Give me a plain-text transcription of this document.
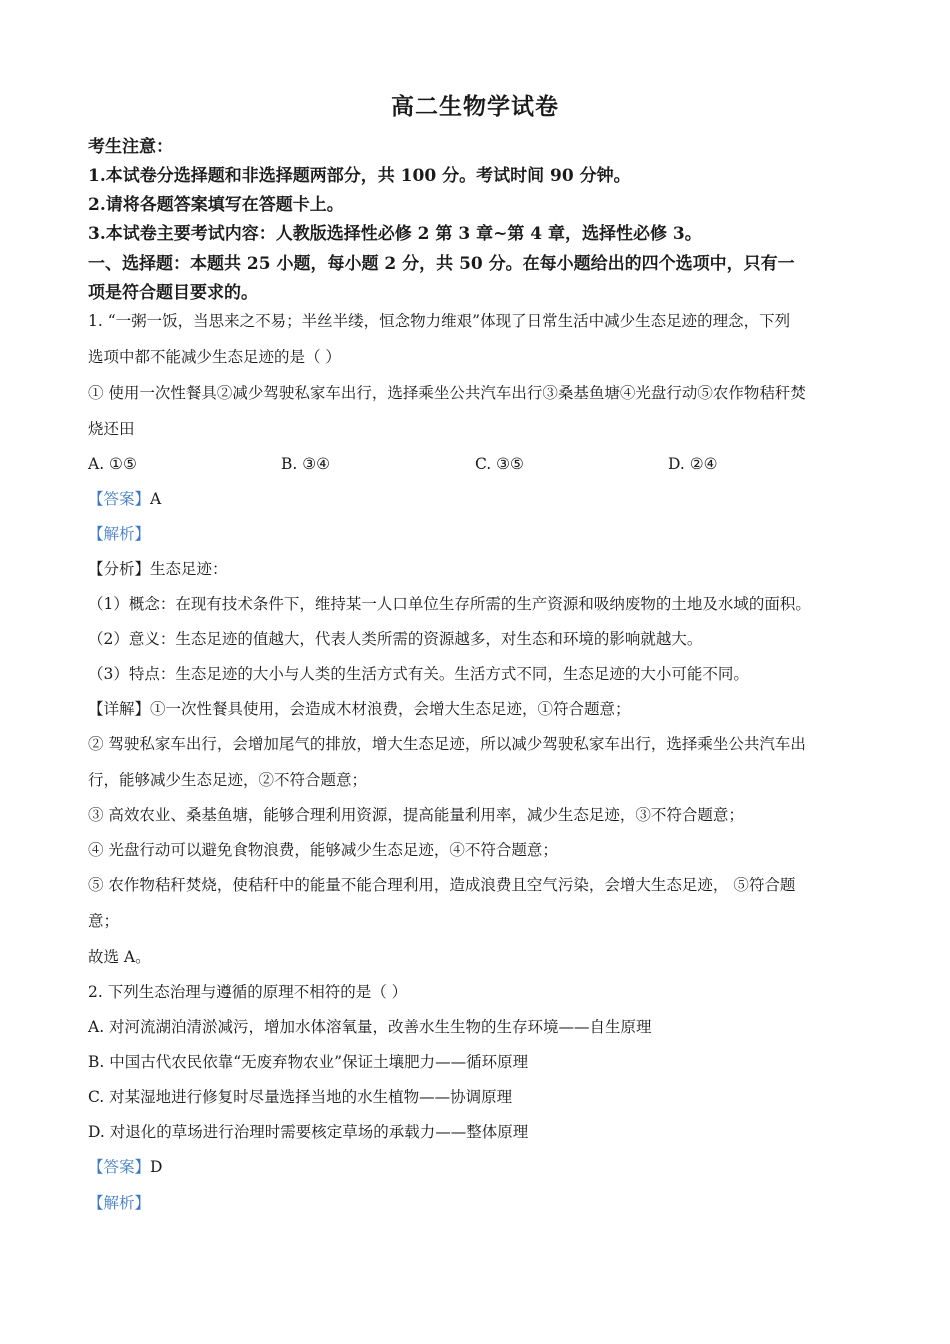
高二生物学试卷
考生注意：
1.本试卷分选择题和非选择题两部分，共 100 分。考试时间 90 分钟。
2.请将各题答案填写在答题卡上。
3.本试卷主要考试内容：人教版选择性必修 2 第 3 章~第 4 章，选择性必修 3。
一、选择题：本题共 25 小题，每小题 2 分，共 50 分。在每小题给出的四个选项中，只有一
项是符合题目要求的。
1. “一粥一饭，当思来之不易；半丝半缕，恒念物力维艰”体现了日常生活中减少生态足迹的理念，下列
选项中都不能减少生态足迹的是（ ）
① 使用一次性餐具②减少驾驶私家车出行，选择乘坐公共汽车出行③桑基鱼塘④光盘行动⑤农作物秸秆焚
烧还田
A. ①⑤	B. ③④	C. ③⑤	D. ②④
【答案】A
【解析】
【分析】生态足迹：
（1）概念：在现有技术条件下，维持某一人口单位生存所需的生产资源和吸纳废物的土地及水域的面积。
（2）意义：生态足迹的值越大，代表人类所需的资源越多，对生态和环境的影响就越大。
（3）特点：生态足迹的大小与人类的生活方式有关。生活方式不同，生态足迹的大小可能不同。
【详解】①一次性餐具使用，会造成木材浪费，会增大生态足迹，①符合题意；
② 驾驶私家车出行，会增加尾气的排放，增大生态足迹，所以减少驾驶私家车出行，选择乘坐公共汽车出
行，能够减少生态足迹，②不符合题意；
③ 高效农业、桑基鱼塘，能够合理利用资源，提高能量利用率，减少生态足迹，③不符合题意；
④ 光盘行动可以避免食物浪费，能够减少生态足迹，④不符合题意；
⑤ 农作物秸秆焚烧，使秸秆中的能量不能合理利用，造成浪费且空气污染，会增大生态足迹， ⑤符合题
意；
故选 A。
2. 下列生态治理与遵循的原理不相符的是（ ）
A. 对河流湖泊清淤减污，增加水体溶氧量，改善水生生物的生存环境——自生原理
B. 中国古代农民依靠“无废弃物农业”保证土壤肥力——循环原理
C. 对某湿地进行修复时尽量选择当地的水生植物——协调原理
D. 对退化的草场进行治理时需要核定草场的承载力——整体原理
【答案】D
【解析】
